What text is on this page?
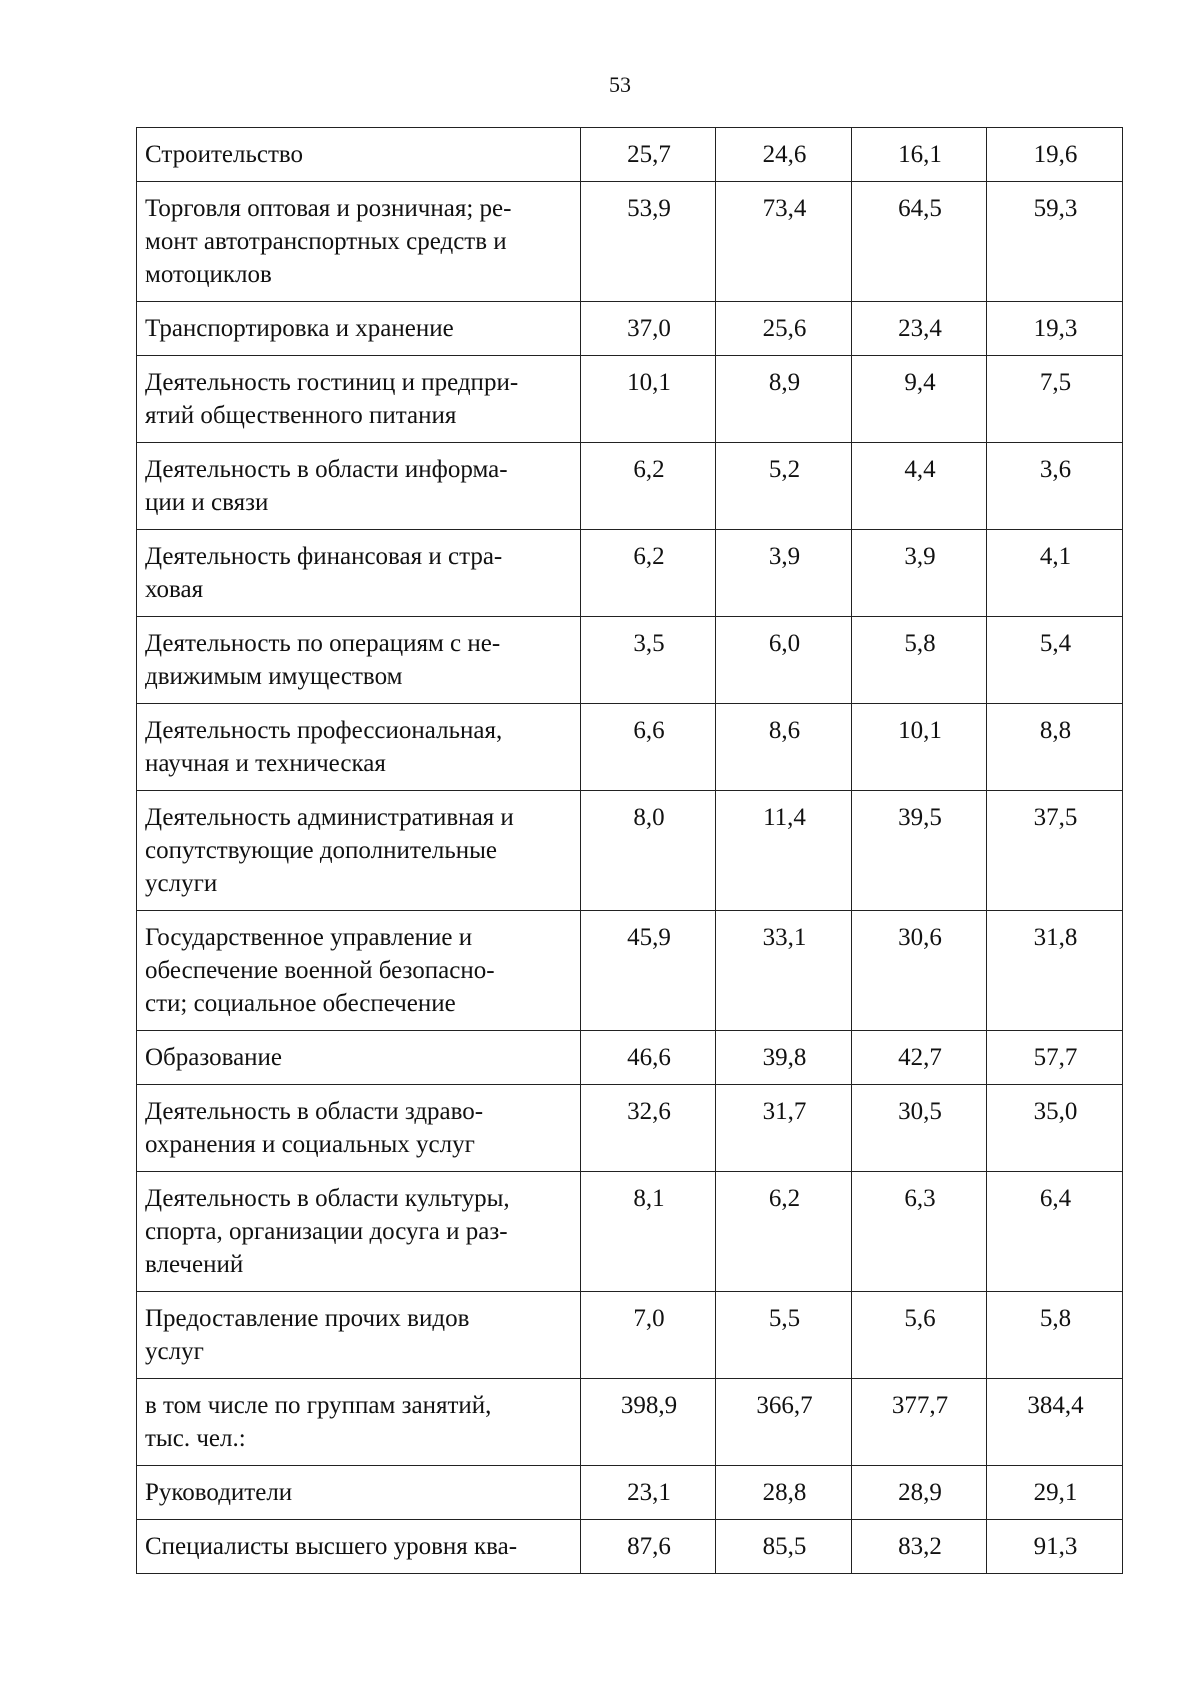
53
Строительство	25,7	24,6	16,1	19,6
Торговля оптовая и розничная; ре-
монт автотранспортных средств и
мотоциклов	53,9	73,4	64,5	59,3
Транспортировка и хранение	37,0	25,6	23,4	19,3
Деятельность гостиниц и предпри-
ятий общественного питания	10,1	8,9	9,4	7,5
Деятельность в области информа-
ции и связи	6,2	5,2	4,4	3,6
Деятельность финансовая и стра-
ховая	6,2	3,9	3,9	4,1
Деятельность по операциям с не-
движимым имуществом	3,5	6,0	5,8	5,4
Деятельность профессиональная,
научная и техническая	6,6	8,6	10,1	8,8
Деятельность административная и
сопутствующие дополнительные
услуги	8,0	11,4	39,5	37,5
Государственное управление и
обеспечение военной безопасно-
сти; социальное обеспечение	45,9	33,1	30,6	31,8
Образование	46,6	39,8	42,7	57,7
Деятельность в области здраво-
охранения и социальных услуг	32,6	31,7	30,5	35,0
Деятельность в области культуры,
спорта, организации досуга и раз-
влечений	8,1	6,2	6,3	6,4
Предоставление прочих видов
услуг	7,0	5,5	5,6	5,8
в том числе по группам занятий,
тыс. чел.:	398,9	366,7	377,7	384,4
Руководители	23,1	28,8	28,9	29,1
Специалисты высшего уровня ква-	87,6	85,5	83,2	91,3
